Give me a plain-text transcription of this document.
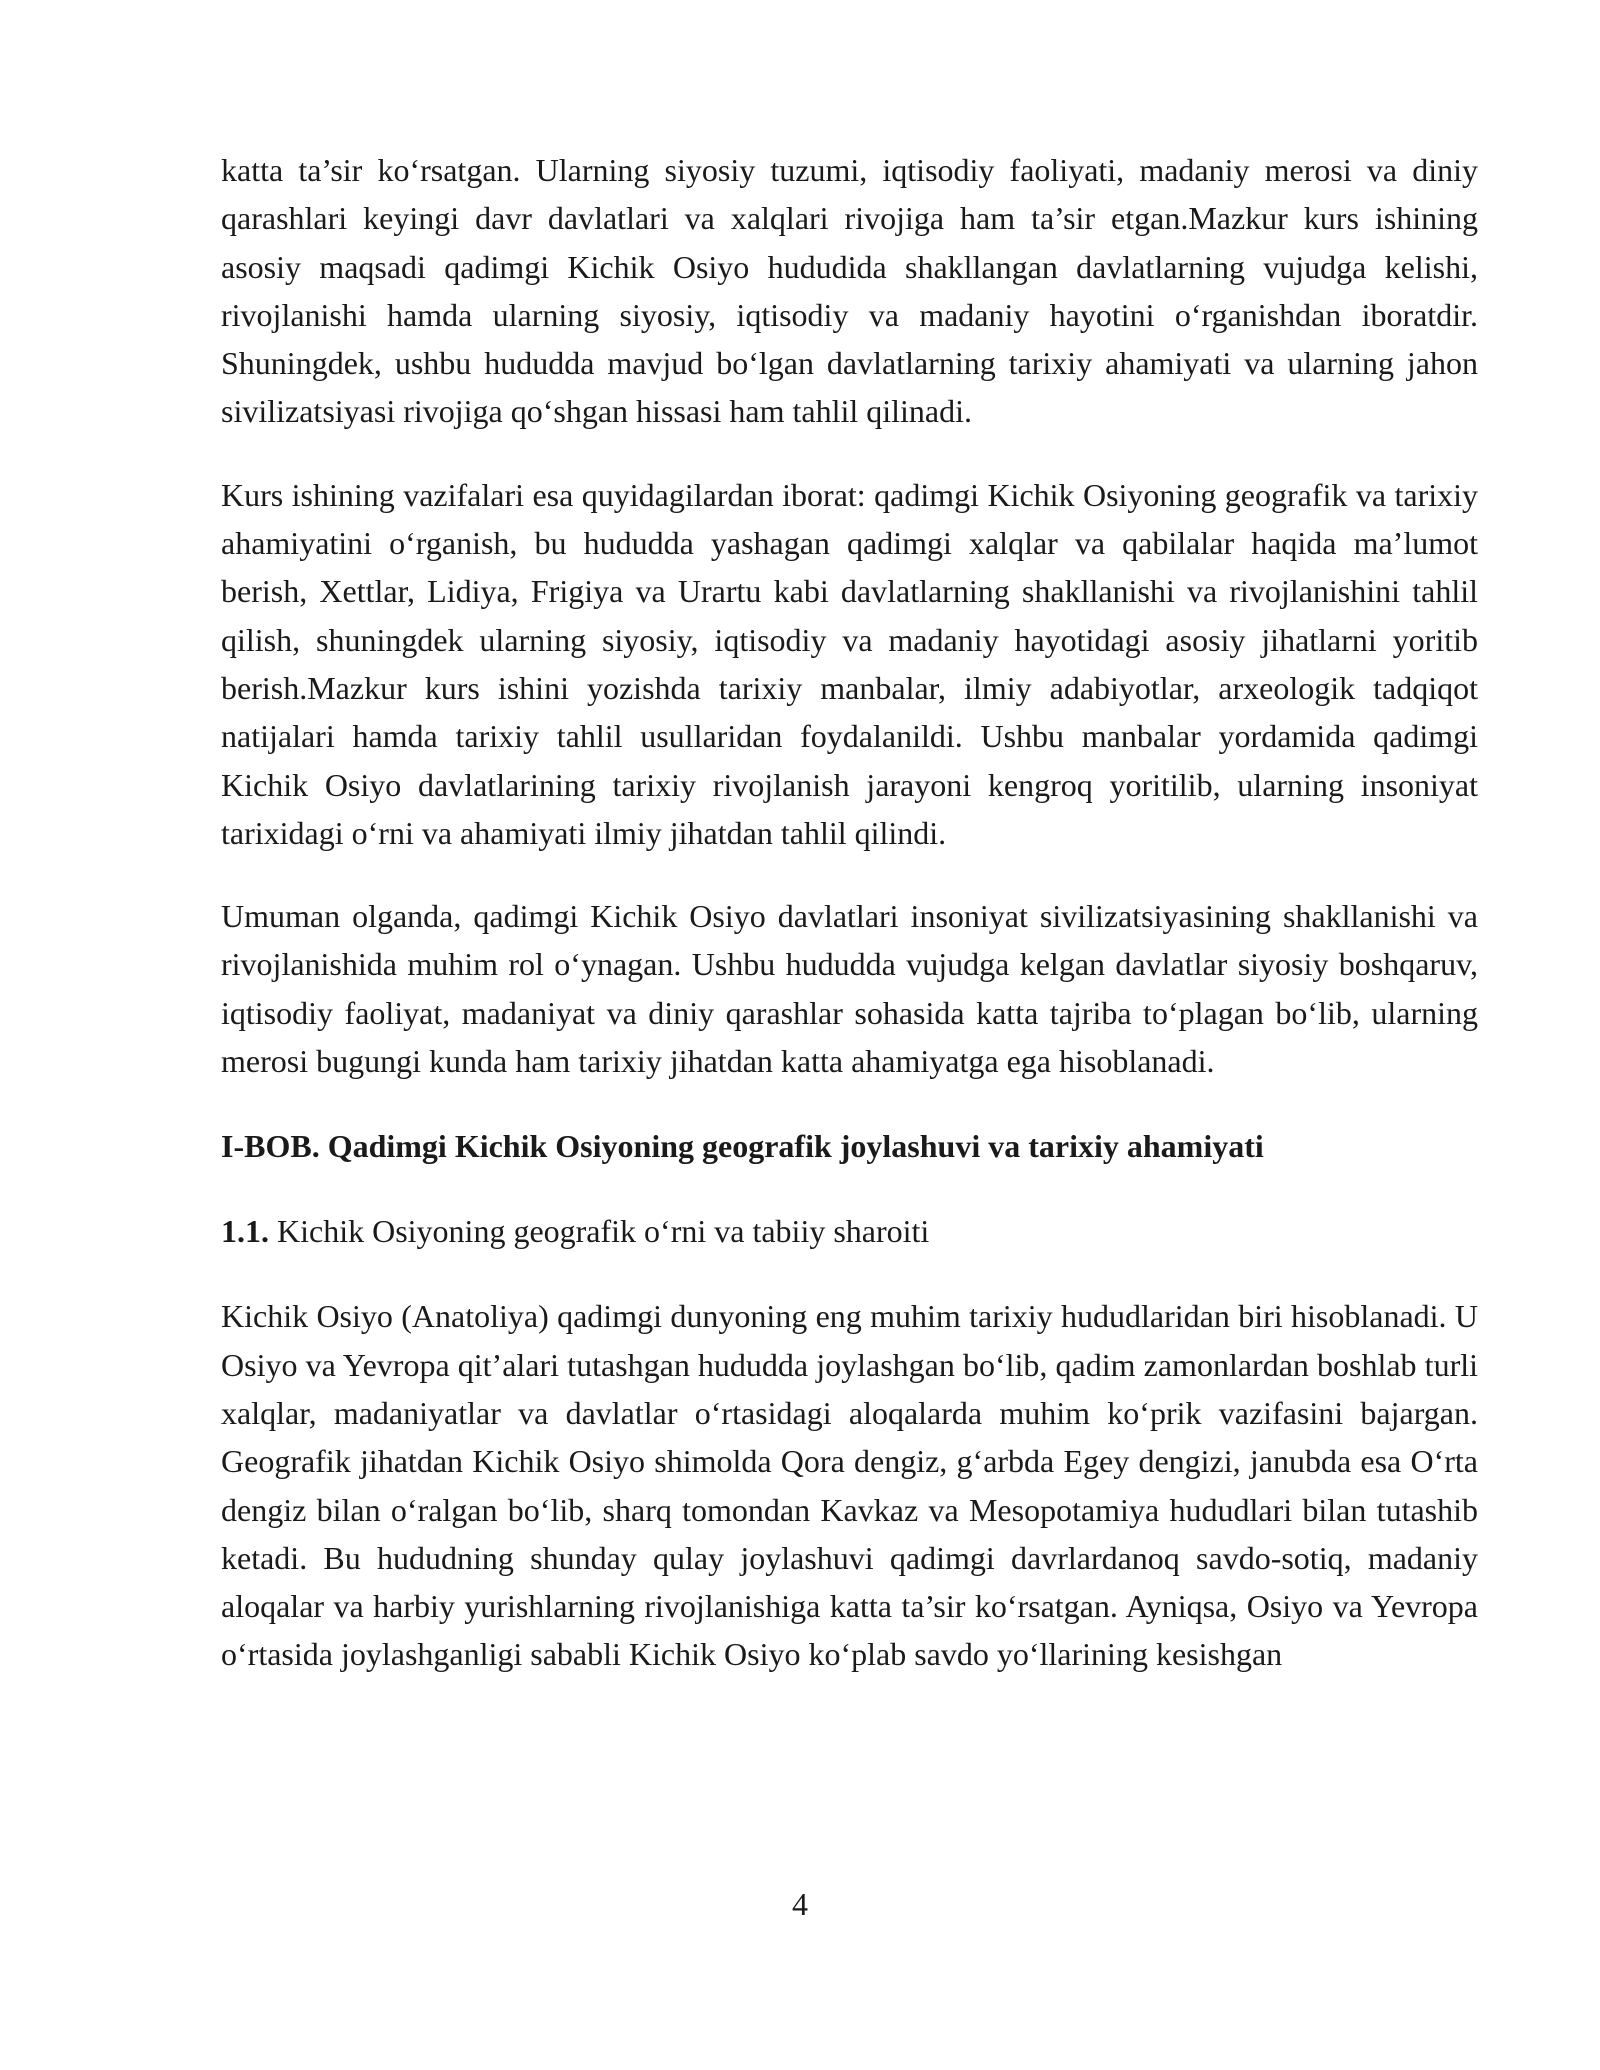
katta ta’sir ko‘rsatgan. Ularning siyosiy tuzumi, iqtisodiy faoliyati, madaniy merosi va diniy qarashlari keyingi davr davlatlari va xalqlari rivojiga ham ta’sir etgan.Mazkur kurs ishining asosiy maqsadi qadimgi Kichik Osiyo hududida shakllangan davlatlarning vujudga kelishi, rivojlanishi hamda ularning siyosiy, iqtisodiy va madaniy hayotini o‘rganishdan iboratdir. Shuningdek, ushbu hududda mavjud bo‘lgan davlatlarning tarixiy ahamiyati va ularning jahon sivilizatsiyasi rivojiga qo‘shgan hissasi ham tahlil qilinadi.

Kurs ishining vazifalari esa quyidagilardan iborat: qadimgi Kichik Osiyoning geografik va tarixiy ahamiyatini o‘rganish, bu hududda yashagan qadimgi xalqlar va qabilalar haqida ma’lumot berish, Xettlar, Lidiya, Frigiya va Urartu kabi davlatlarning shakllanishi va rivojlanishini tahlil qilish, shuningdek ularning siyosiy, iqtisodiy va madaniy hayotidagi asosiy jihatlarni yoritib berish.Mazkur kurs ishini yozishda tarixiy manbalar, ilmiy adabiyotlar, arxeologik tadqiqot natijalari hamda tarixiy tahlil usullaridan foydalanildi. Ushbu manbalar yordamida qadimgi Kichik Osiyo davlatlarining tarixiy rivojlanish jarayoni kengroq yoritilib, ularning insoniyat tarixidagi o‘rni va ahamiyati ilmiy jihatdan tahlil qilindi.

Umuman olganda, qadimgi Kichik Osiyo davlatlari insoniyat sivilizatsiyasining shakllanishi va rivojlanishida muhim rol o‘ynagan. Ushbu hududda vujudga kelgan davlatlar siyosiy boshqaruv, iqtisodiy faoliyat, madaniyat va diniy qarashlar sohasida katta tajriba to‘plagan bo‘lib, ularning merosi bugungi kunda ham tarixiy jihatdan katta ahamiyatga ega hisoblanadi.

I-BOB. Qadimgi Kichik Osiyoning geografik joylashuvi va tarixiy ahamiyati
1.1. Kichik Osiyoning geografik o‘rni va tabiiy sharoiti

Kichik Osiyo (Anatoliya) qadimgi dunyoning eng muhim tarixiy hududlaridan biri hisoblanadi. U Osiyo va Yevropa qit’alari tutashgan hududda joylashgan bo‘lib, qadim zamonlardan boshlab turli xalqlar, madaniyatlar va davlatlar o‘rtasidagi aloqalarda muhim ko‘prik vazifasini bajargan. Geografik jihatdan Kichik Osiyo shimolda Qora dengiz, g‘arbda Egey dengizi, janubda esa O‘rta dengiz bilan o‘ralgan bo‘lib, sharq tomondan Kavkaz va Mesopotamiya hududlari bilan tutashib ketadi. Bu hududning shunday qulay joylashuvi qadimgi davrlardanoq savdo-sotiq, madaniy aloqalar va harbiy yurishlarning rivojlanishiga katta ta’sir ko‘rsatgan. Ayniqsa, Osiyo va Yevropa o‘rtasida joylashganligi sababli Kichik Osiyo ko‘plab savdo yo‘llarining kesishgan

4
